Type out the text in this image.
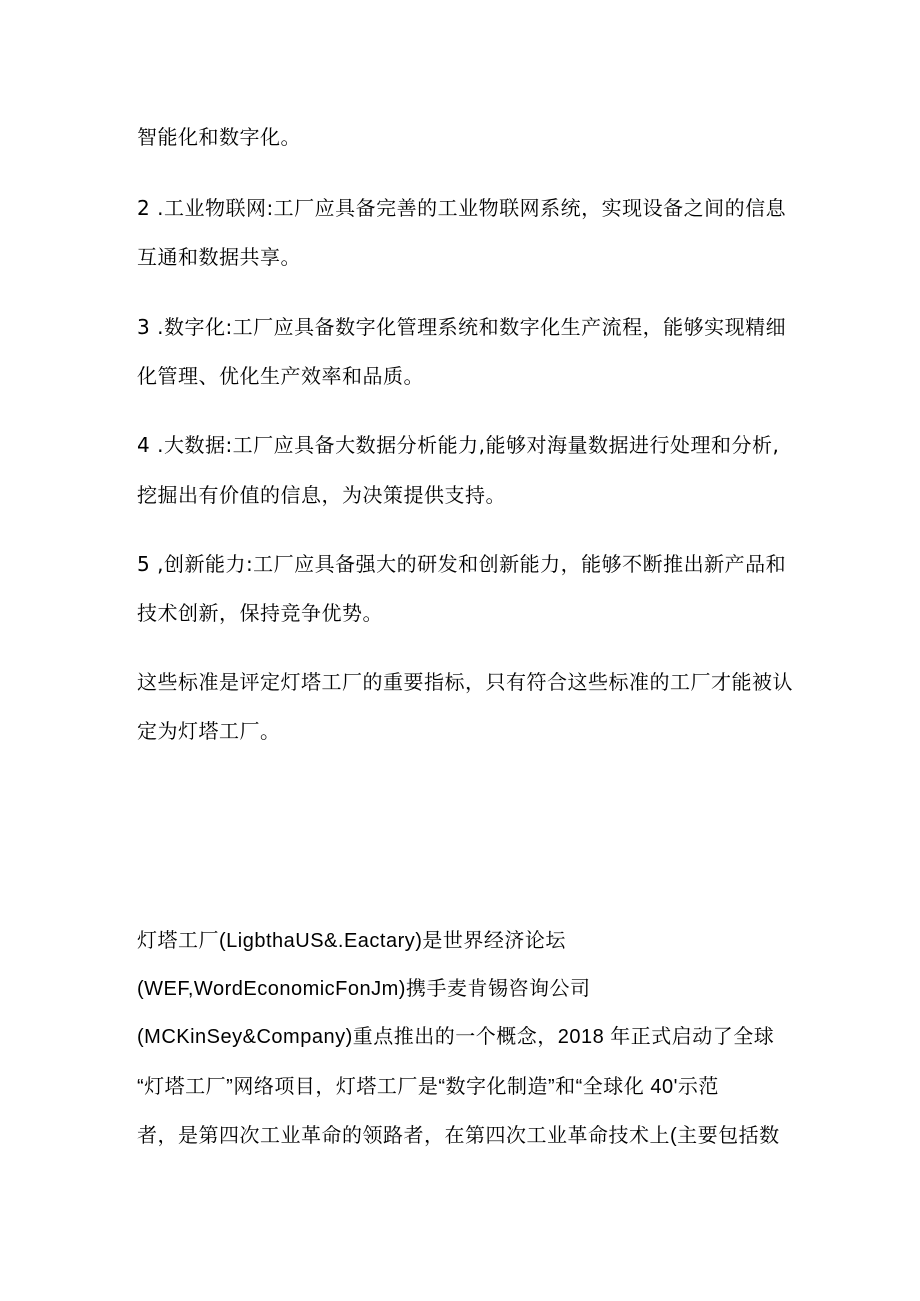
智能化和数字化。
2 .工业物联网:工厂应具备完善的工业物联网系统，实现设备之间的信息
互通和数据共享。
3 .数字化:工厂应具备数字化管理系统和数字化生产流程，能够实现精细
化管理、优化生产效率和品质。
4 .大数据:工厂应具备大数据分析能力,能够对海量数据进行处理和分析,
挖掘出有价值的信息，为决策提供支持。
5 ,创新能力:工厂应具备强大的研发和创新能力，能够不断推出新产品和
技术创新，保持竞争优势。
这些标准是评定灯塔工厂的重要指标，只有符合这些标准的工厂才能被认
定为灯塔工厂。
灯塔工厂(LigbthaUS&.Eactary)是世界经济论坛
(WEF,WordEconomicFonJm)携手麦肯锡咨询公司
(MCKinSey&Company)重点推出的一个概念，2018 年正式启动了全球
“灯塔工厂”网络项目，灯塔工厂是“数字化制造”和“全球化 40'示范
者，是第四次工业革命的领路者，在第四次工业革命技术上(主要包括数
